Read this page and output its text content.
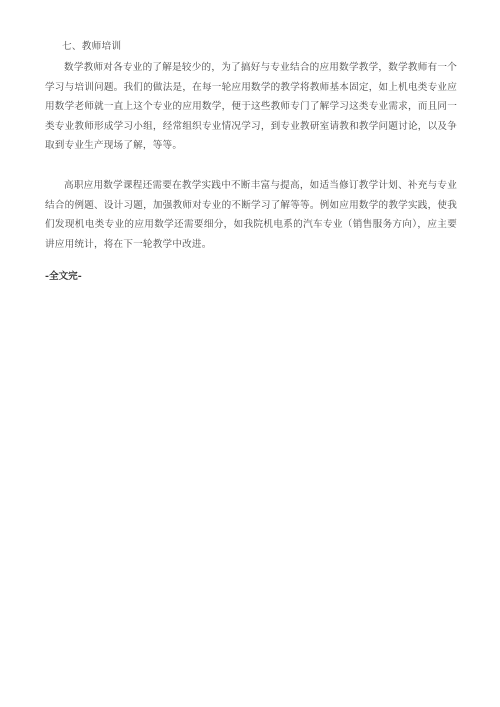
七、教师培训

数学教师对各专业的了解是较少的，为了搞好与专业结合的应用数学教学，数学教师有一个学习与培训问题。我们的做法是，在每一轮应用数学的教学将教师基本固定，如上机电类专业应用数学老师就一直上这个专业的应用数学，便于这些教师专门了解学习这类专业需求，而且同一类专业教师形成学习小组，经常组织专业情况学习，到专业教研室请教和教学问题讨论，以及争取到专业生产现场了解，等等。

高职应用数学课程还需要在教学实践中不断丰富与提高，如适当修订教学计划、补充与专业结合的例题、设计习题，加强教师对专业的不断学习了解等等。例如应用数学的教学实践，使我们发现机电类专业的应用数学还需要细分，如我院机电系的汽车专业（销售服务方向），应主要讲应用统计，将在下一轮教学中改进。

-全文完-
